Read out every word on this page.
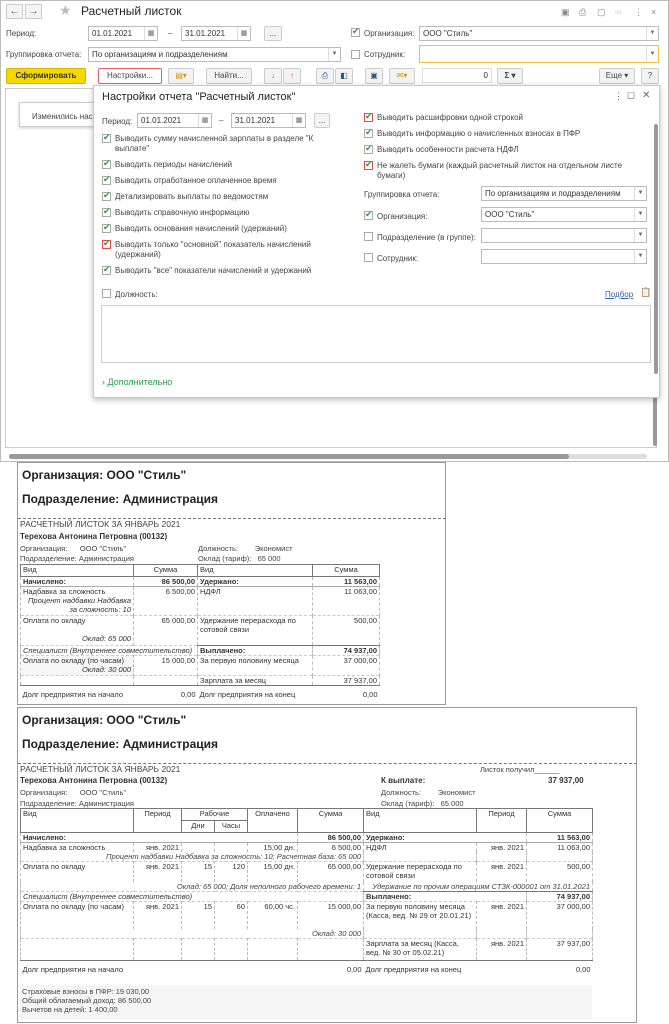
← → ★ Расчетный листок	▣ ⎙ ▢ ∞ ⋮ ×
Период:	01.01.2021	▦	–	31.01.2021	▦	... ✔	Организация:	ООО "Стиль"	▼
Группировка отчета:	По организациям и подразделениям	▼	Сотрудник:	▼
Сформировать	Настройки...	▤▾	Найти...	↓	↑	⎙	◧	▣	✉▾	0	Σ ▾	Еще ▾	?
Изменились нас
Настройки отчета "Расчетный листок"	⋮ ☐ ✕
Период:	01.01.2021	▦	–	31.01.2021	▦	...
✔
Выводить сумму начисленной зарплаты в разделе "К выплате"
✔
Выводить периоды начислений
✔
Выводить отработанное оплаченное время
✔
Детализировать выплаты по ведомостям
✔
Выводить справочную информацию
✔
Выводить основания начислений (удержаний)
✔
Выводить только "основной" показатель начислений (удержаний)
✔
Выводить "все" показатели начислений и удержаний
✔
Выводить расшифровки одной строкой
✔
Выводить информацию о начисленных взносах в ПФР
✔
Выводить особенности расчета НДФЛ
✔
Не жалеть бумаги (каждый расчетный листок на отдельном листе бумаги)
Группировка отчета:	По организациям и подразделениям	▼
✔
Организация:	ООО "Стиль"	▼
Подразделение (в группе):	▼
Сотрудник:	▼
Должность:	Подбор 📋
› Дополнительно
Организация: ООО "Стиль"
Подразделение: Администрация
РАСЧЕТНЫЙ ЛИСТОК ЗА ЯНВАРЬ 2021
Терехова Антонина Петровна (00132)
Организация: ООО "Стиль"
Подразделение: Администрация
Должность: Экономист
Оклад (тариф): 65 000
Вид	Сумма	Вид	Сумма
Начислено:	86 500,00	Удержано:	11 563,00
Надбавка за сложность

Процент надбавки Надбавка за сложность: 10	6 500,00	НДФЛ	11 063,00
Оплата по окладу

Оклад: 65 000	65 000,00	Удержание перерасхода по сотовой связи	500,00
Специалист (Внутреннее совместительство)		Выплачено:	74 937,00
Оплата по окладу (по часам)

Оклад: 30 000	15 000,00	За первую половину месяца	37 000,00
		Зарплата за месяц	37 937,00
Долг предприятия на начало	0,00	Долг предприятия на конец	0,00
Организация: ООО "Стиль"
Подразделение: Администрация
РАСЧЕТНЫЙ ЛИСТОК ЗА ЯНВАРЬ 2021	Листок получил______
Терехова Антонина Петровна (00132)	К выплате:	37 937,00
Организация: ООО "Стиль"
Подразделение: Администрация
Должность: Экономист
Оклад (тариф): 65 000
Вид	Период	Рабочие		Оплачено	Сумма	Вид	Период	Сумма
		Дни	Часы					
Начислено:					86 500,00	Удержано:		11 563,00
Надбавка за сложность	янв. 2021			15,00 дн.	6 500,00	НДФЛ	янв. 2021	11 063,00
Процент надбавки Надбавка за сложность: 10; Расчетная база: 65 000								
Оплата по окладу	янв. 2021	15	120	15,00 дн.	65 000,00	Удержание перерасхода по сотовой связи	янв. 2021	500,00
Оклад: 65 000; Доля неполного рабочего времени: 1						Удержание по прочим операциям СТЗК-000001 от 31.01.2021		
Специалист (Внутреннее совместительство)						Выплачено:		74 937,00
Оплата по окладу (по часам)	янв. 2021	15	60	60,00 чс.	15 000,00	За первую половину месяца (Касса, вед. № 29 от 20.01.21)	янв. 2021	37 000,00
Оклад: 30 000								
						Зарплата за месяц (Касса, вед. № 30 от 05.02.21)	янв. 2021	37 937,00
Долг предприятия на начало					0,00	Долг предприятия на конец		0,00
Страховые взносы в ПФР: 19 030,00
Общий облагаемый доход: 86 500,00
Вычетов на детей: 1 400,00
